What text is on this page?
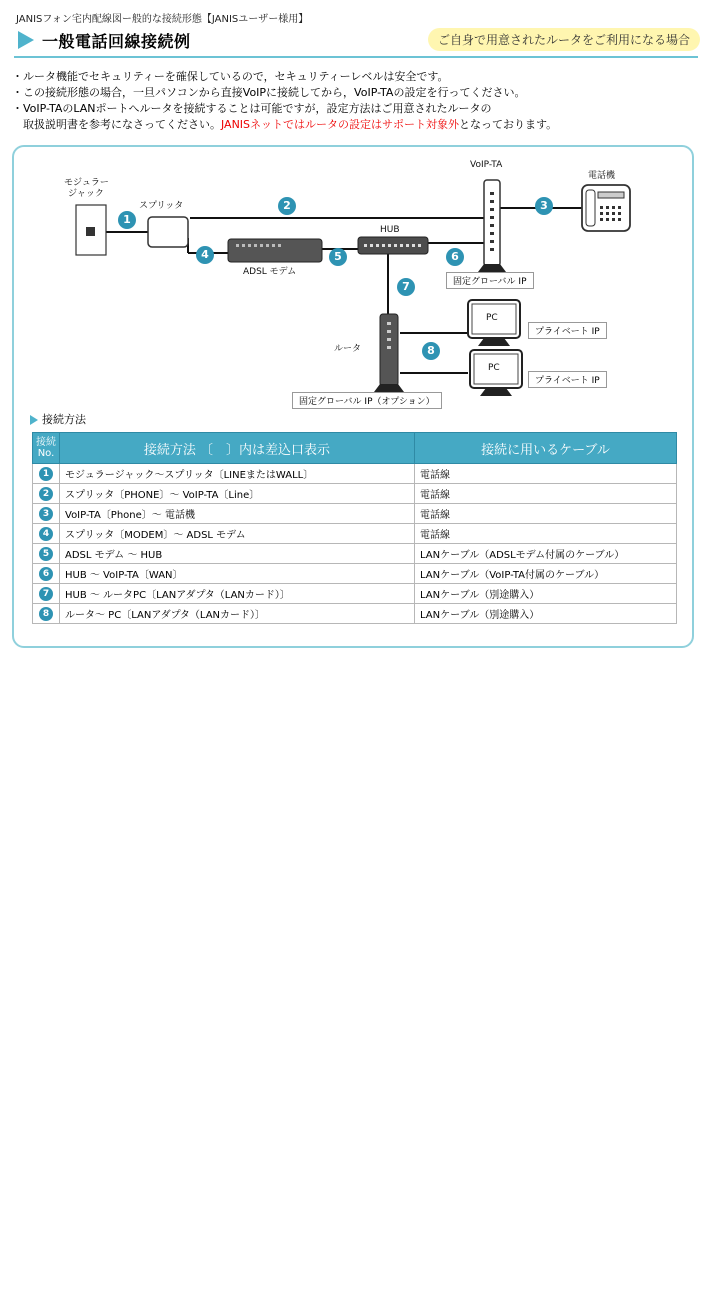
JANISフォン宅内配線図ー般的な接続形態【JANISユーザー様用】
一般電話回線接続例	ご自身で用意されたルータをご利用になる場合
・ルータ機能でセキュリティーを確保しているので，セキュリティーレベルは安全です。
・この接続形態の場合，一旦パソコンから直接VoIPに接続してから，VoIP-TAの設定を行ってください。
・VoIP-TAのLANポートへルータを接続することは可能ですが，設定方法はご用意されたルータの
　取扱説明書を参考になさってください。JANISネットではルータの設定はサポート対象外となっております。
モジュラー
ジャック
スプリッタ
VoIP-TA
電話機
HUB
ADSL モデム
ルータ
PC
PC
固定グローバル IP
固定グローバル IP（オプション）
プライベート IP
プライベート IP
1
2	3
4	5	6
7
8
接続方法
接続
No.	接続方法 〔　〕内は差込口表示	接続に用いるケーブル
1	モジュラージャック～スプリッタ〔LINEまたはWALL〕	電話線
2	スプリッタ〔PHONE〕～ VoIP-TA〔Line〕	電話線
3	VoIP-TA〔Phone〕～ 電話機	電話線
4	スプリッタ〔MODEM〕～ ADSL モデム	電話線
5	ADSL モデム ～ HUB	LANケーブル（ADSLモデム付属のケーブル）
6	HUB ～ VoIP-TA〔WAN〕	LANケーブル（VoIP-TA付属のケーブル）
7	HUB ～ ルータPC〔LANアダプタ（LANカード）〕	LANケーブル（別途購入）
8	ルータ～ PC〔LANアダプタ（LANカード）〕	LANケーブル（別途購入）
